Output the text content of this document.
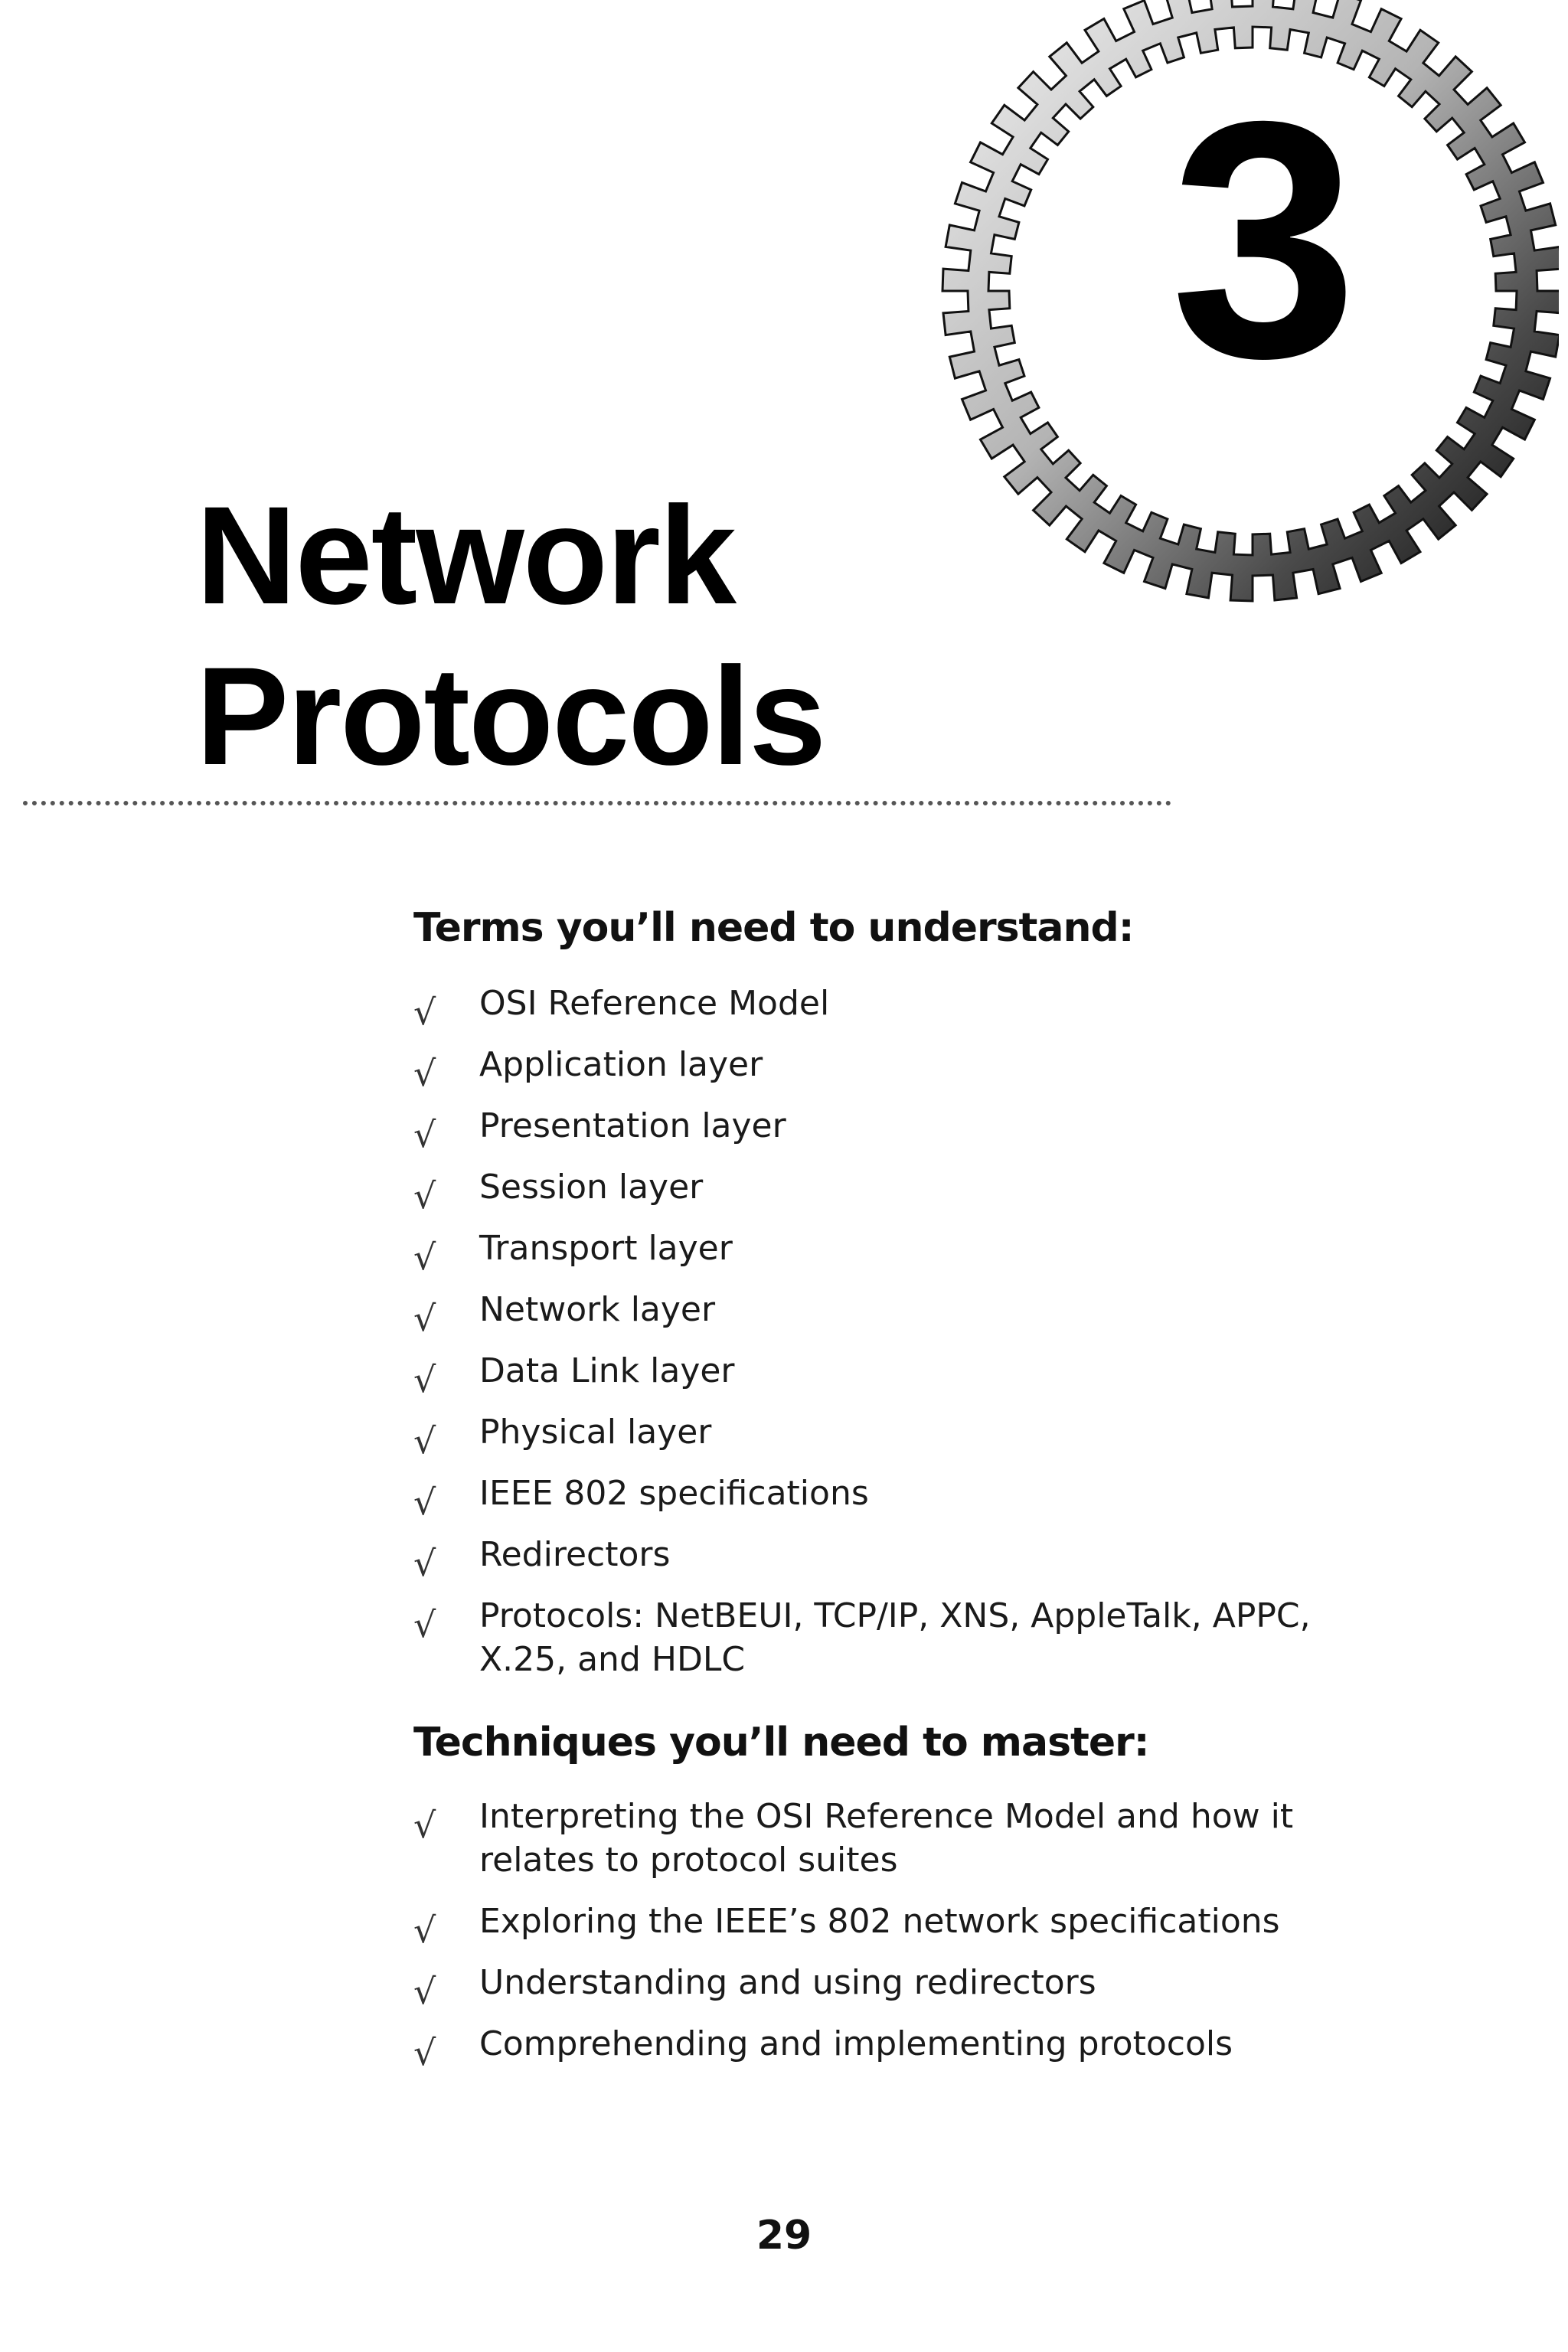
3
Network
Protocols
Terms you’ll need to understand:
√ OSI Reference Model
√ Application layer
√ Presentation layer
√ Session layer
√ Transport layer
√ Network layer
√ Data Link layer
√ Physical layer
√ IEEE 802 specifications
√ Redirectors
√ Protocols: NetBEUI, TCP/IP, XNS, AppleTalk, APPC, X.25, and HDLC
Techniques you’ll need to master:
√ Interpreting the OSI Reference Model and how it relates to protocol suites
√ Exploring the IEEE’s 802 network specifications
√ Understanding and using redirectors
√ Comprehending and implementing protocols
29
